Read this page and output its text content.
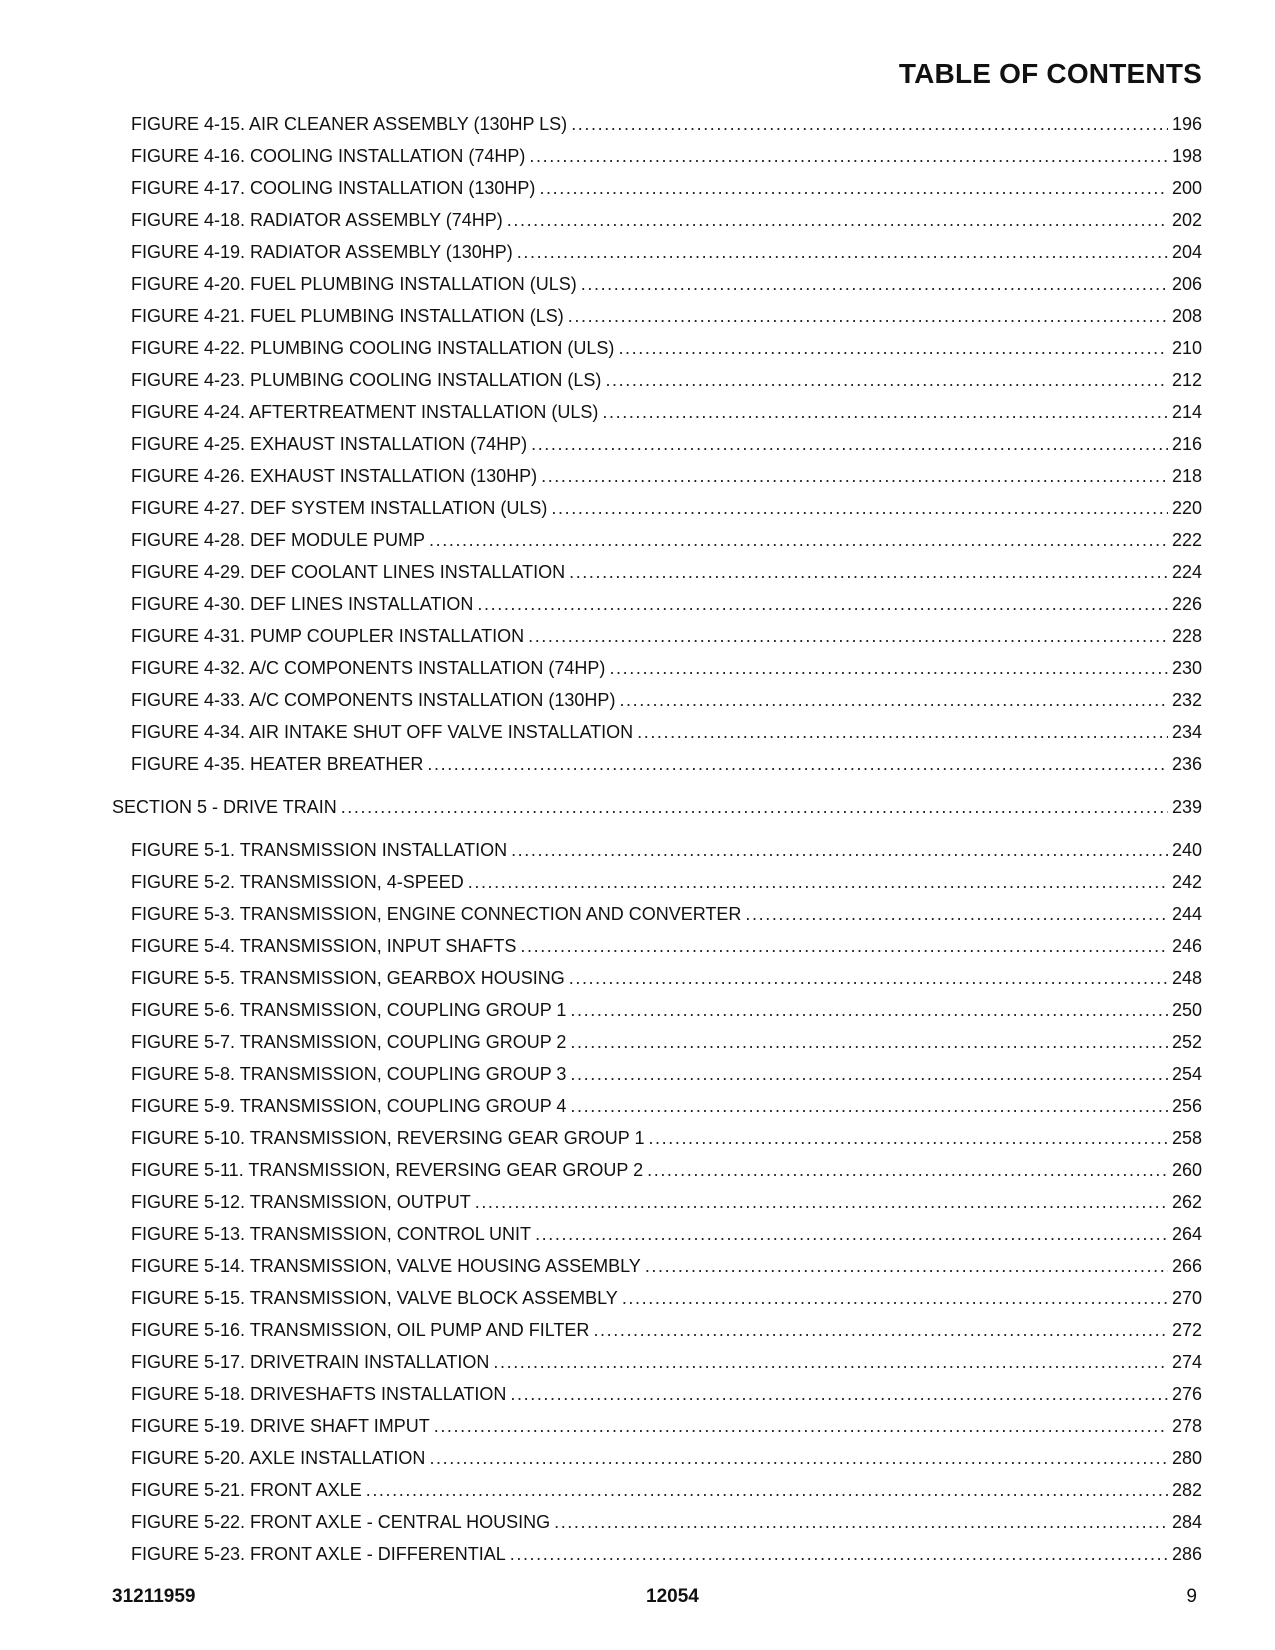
TABLE OF CONTENTS
FIGURE 4-15. AIR CLEANER ASSEMBLY (130HP LS) .....	196
FIGURE 4-16. COOLING INSTALLATION (74HP) .....	198
FIGURE 4-17. COOLING INSTALLATION (130HP) .....	200
FIGURE 4-18. RADIATOR ASSEMBLY (74HP) .....	202
FIGURE 4-19. RADIATOR ASSEMBLY (130HP) .....	204
FIGURE 4-20. FUEL PLUMBING INSTALLATION (ULS) .....	206
FIGURE 4-21. FUEL PLUMBING INSTALLATION (LS) .....	208
FIGURE 4-22. PLUMBING COOLING INSTALLATION (ULS) .....	210
FIGURE 4-23. PLUMBING COOLING INSTALLATION (LS) .....	212
FIGURE 4-24. AFTERTREATMENT INSTALLATION (ULS) .....	214
FIGURE 4-25. EXHAUST INSTALLATION (74HP) .....	216
FIGURE 4-26. EXHAUST INSTALLATION (130HP) .....	218
FIGURE 4-27. DEF SYSTEM INSTALLATION (ULS) .....	220
FIGURE 4-28. DEF MODULE PUMP .....	222
FIGURE 4-29. DEF COOLANT LINES INSTALLATION .....	224
FIGURE 4-30. DEF LINES INSTALLATION .....	226
FIGURE 4-31. PUMP COUPLER INSTALLATION .....	228
FIGURE 4-32. A/C COMPONENTS INSTALLATION (74HP) .....	230
FIGURE 4-33. A/C COMPONENTS INSTALLATION (130HP) .....	232
FIGURE 4-34. AIR INTAKE SHUT OFF VALVE INSTALLATION .....	234
FIGURE 4-35. HEATER BREATHER .....	236
SECTION 5 - DRIVE TRAIN .....	239
FIGURE 5-1. TRANSMISSION INSTALLATION .....	240
FIGURE 5-2. TRANSMISSION, 4-SPEED .....	242
FIGURE 5-3. TRANSMISSION, ENGINE CONNECTION AND CONVERTER .....	244
FIGURE 5-4. TRANSMISSION, INPUT SHAFTS .....	246
FIGURE 5-5. TRANSMISSION, GEARBOX HOUSING .....	248
FIGURE 5-6. TRANSMISSION, COUPLING GROUP 1 .....	250
FIGURE 5-7. TRANSMISSION, COUPLING GROUP 2 .....	252
FIGURE 5-8. TRANSMISSION, COUPLING GROUP 3 .....	254
FIGURE 5-9. TRANSMISSION, COUPLING GROUP 4 .....	256
FIGURE 5-10. TRANSMISSION, REVERSING GEAR GROUP 1 .....	258
FIGURE 5-11. TRANSMISSION, REVERSING GEAR GROUP 2 .....	260
FIGURE 5-12. TRANSMISSION, OUTPUT .....	262
FIGURE 5-13. TRANSMISSION, CONTROL UNIT .....	264
FIGURE 5-14. TRANSMISSION, VALVE HOUSING ASSEMBLY .....	266
FIGURE 5-15. TRANSMISSION, VALVE BLOCK ASSEMBLY .....	270
FIGURE 5-16. TRANSMISSION, OIL PUMP AND FILTER .....	272
FIGURE 5-17. DRIVETRAIN INSTALLATION .....	274
FIGURE 5-18. DRIVESHAFTS INSTALLATION .....	276
FIGURE 5-19. DRIVE SHAFT IMPUT .....	278
FIGURE 5-20. AXLE INSTALLATION .....	280
FIGURE 5-21. FRONT AXLE .....	282
FIGURE 5-22. FRONT AXLE - CENTRAL HOUSING .....	284
FIGURE 5-23. FRONT AXLE - DIFFERENTIAL .....	286
31211959	12054	9
